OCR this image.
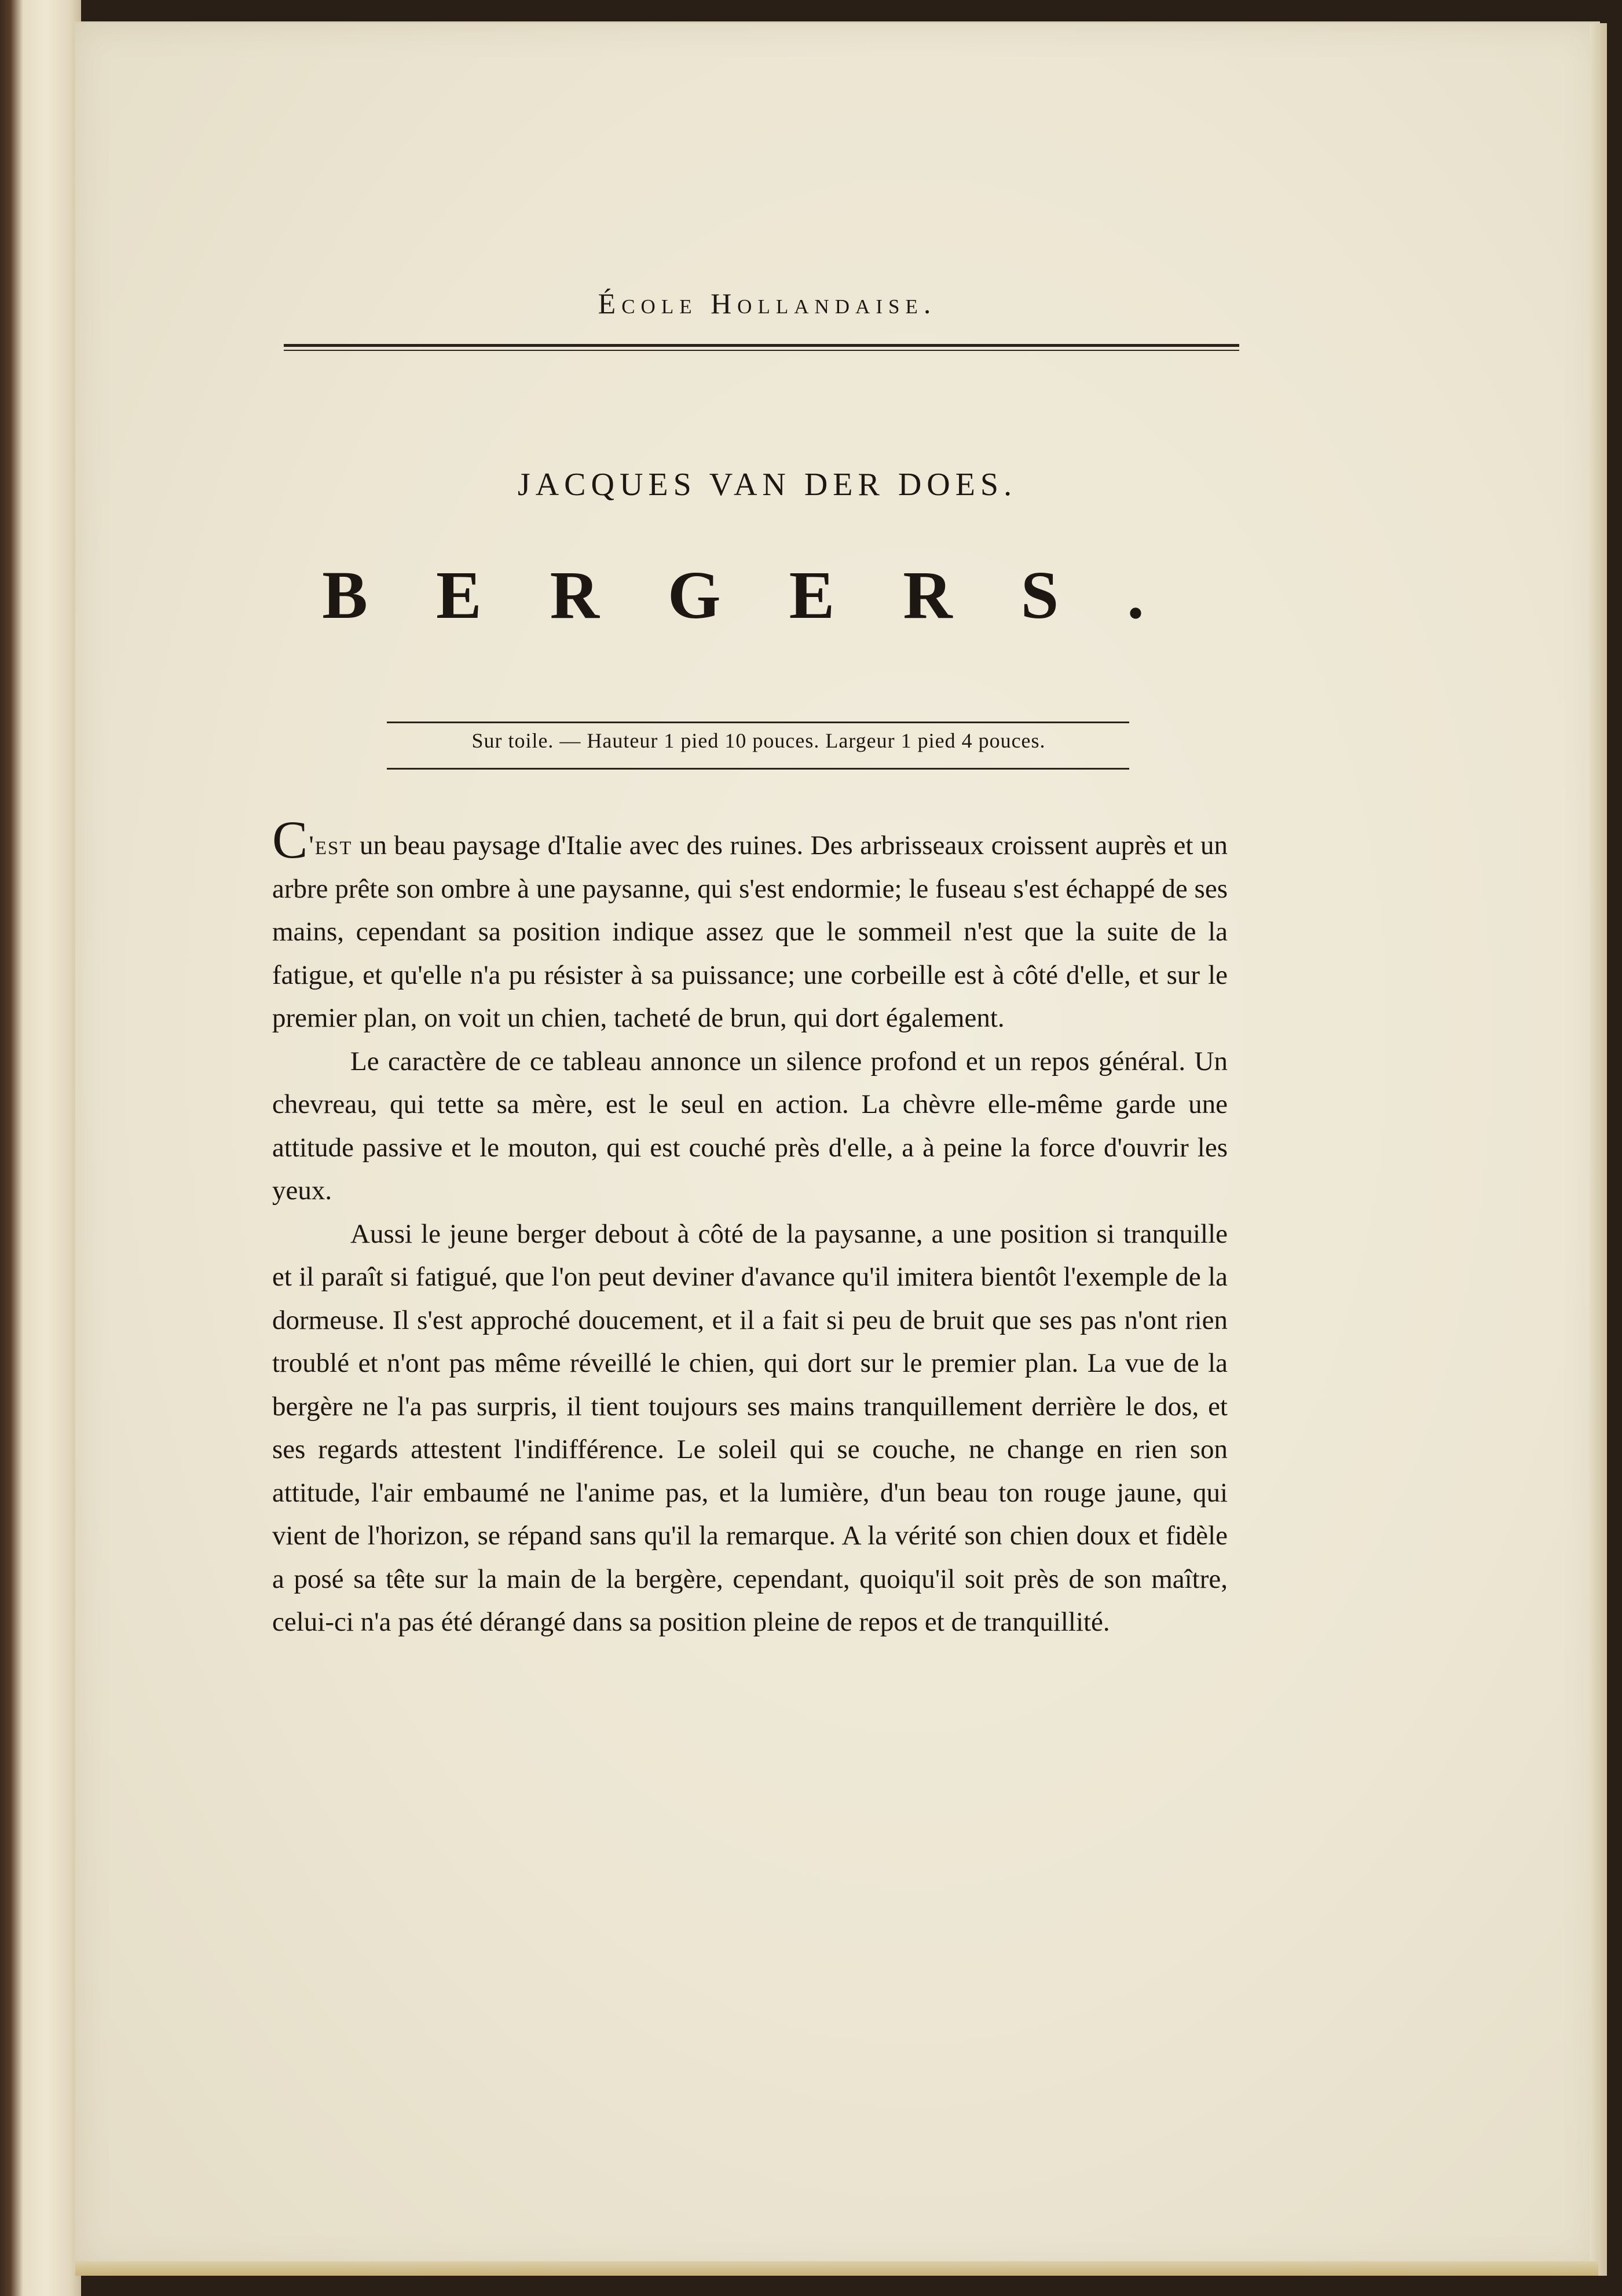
École Hollandaise.
JACQUES VAN DER DOES.
BERGERS.
Sur toile. — Hauteur 1 pied 10 pouces. Largeur 1 pied 4 pouces.

C'est un beau paysage d'Italie avec des ruines. Des arbrisseaux croissent auprès et un arbre prête son ombre à une paysanne, qui s'est endormie; le fuseau s'est échappé de ses mains, cependant sa position indique assez que le sommeil n'est que la suite de la fatigue, et qu'elle n'a pu résister à sa puissance; une corbeille est à côté d'elle, et sur le premier plan, on voit un chien, tacheté de brun, qui dort également.

Le caractère de ce tableau annonce un silence profond et un repos général. Un chevreau, qui tette sa mère, est le seul en action. La chèvre elle-même garde une attitude passive et le mouton, qui est couché près d'elle, a à peine la force d'ouvrir les yeux.

Aussi le jeune berger debout à côté de la paysanne, a une position si tranquille et il paraît si fatigué, que l'on peut deviner d'avance qu'il imitera bientôt l'exemple de la dormeuse. Il s'est approché doucement, et il a fait si peu de bruit que ses pas n'ont rien troublé et n'ont pas même réveillé le chien, qui dort sur le premier plan. La vue de la bergère ne l'a pas surpris, il tient toujours ses mains tranquillement derrière le dos, et ses regards attestent l'indifférence. Le soleil qui se couche, ne change en rien son attitude, l'air embaumé ne l'anime pas, et la lumière, d'un beau ton rouge jaune, qui vient de l'horizon, se répand sans qu'il la remarque. A la vérité son chien doux et fidèle a posé sa tête sur la main de la bergère, cependant, quoiqu'il soit près de son maître, celui-ci n'a pas été dérangé dans sa position pleine de repos et de tranquillité.
